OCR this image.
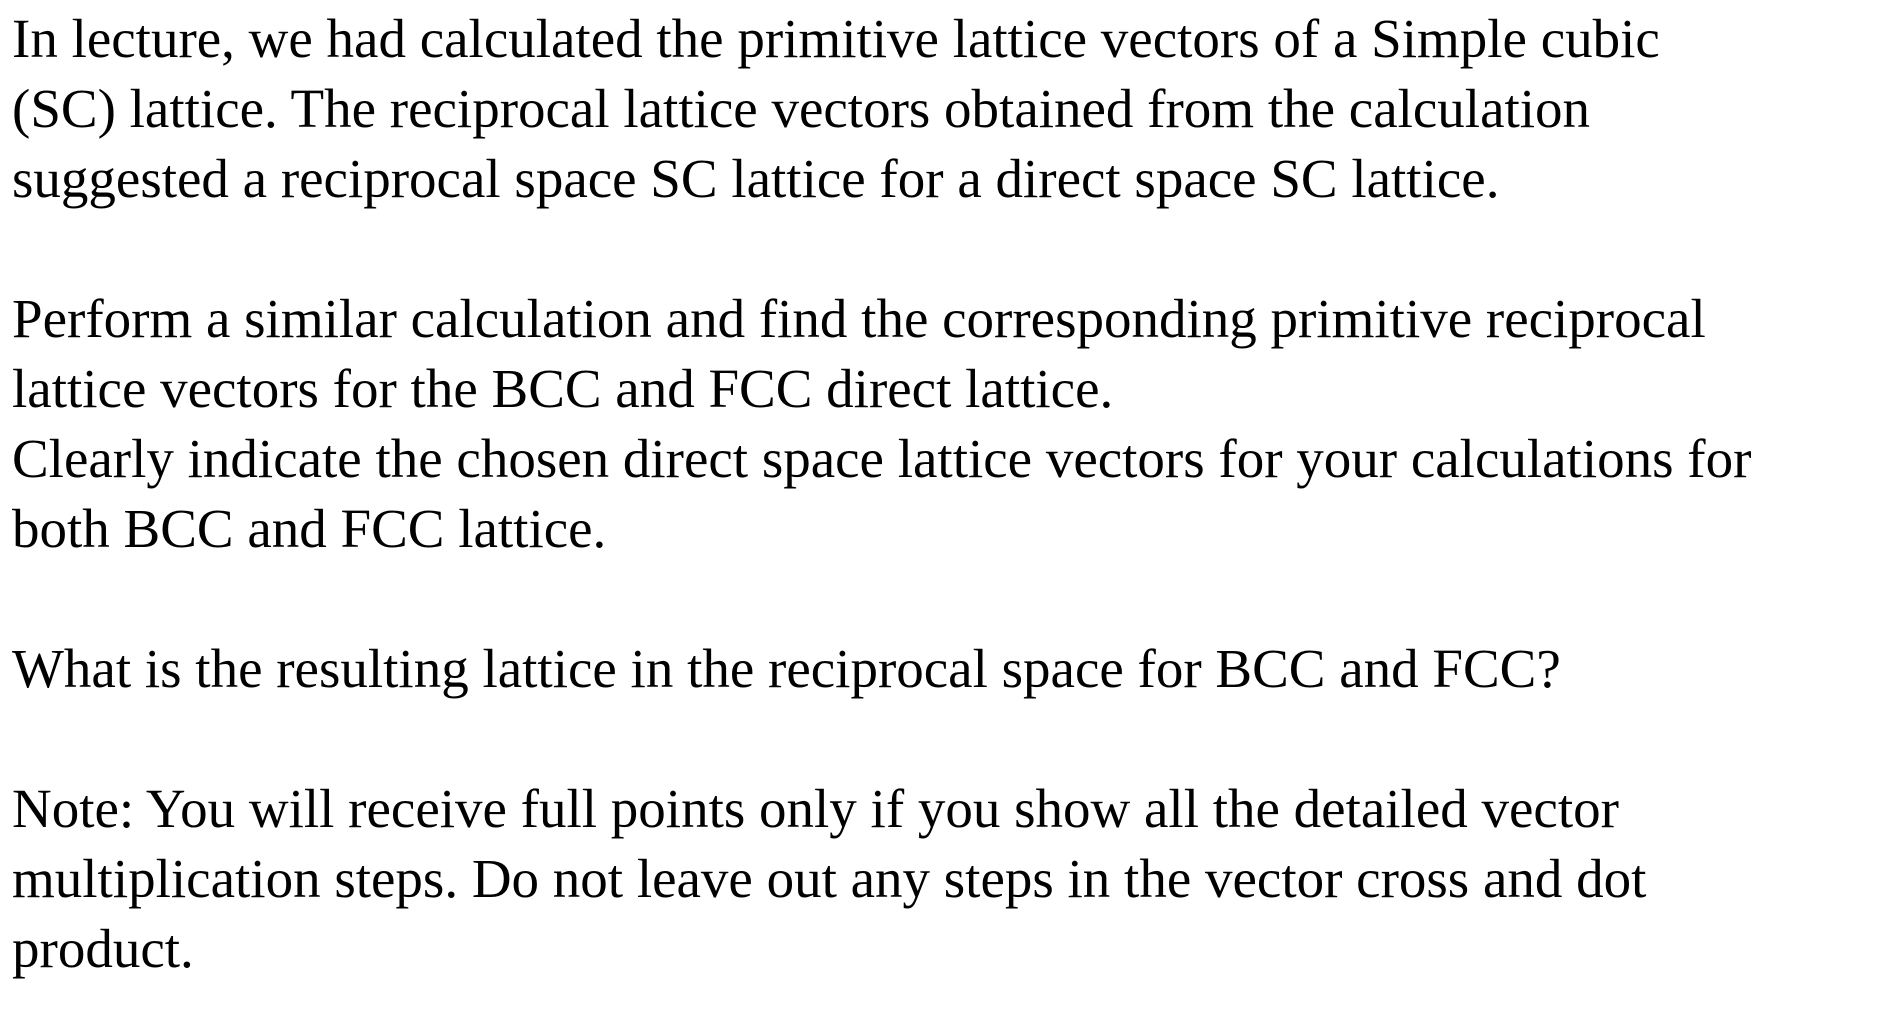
In lecture, we had calculated the primitive lattice vectors of a Simple cubic
(SC) lattice. The reciprocal lattice vectors obtained from the calculation
suggested a reciprocal space SC lattice for a direct space SC lattice.
Perform a similar calculation and find the corresponding primitive reciprocal
lattice vectors for the BCC and FCC direct lattice.
Clearly indicate the chosen direct space lattice vectors for your calculations for
both BCC and FCC lattice.
What is the resulting lattice in the reciprocal space for BCC and FCC?
Note: You will receive full points only if you show all the detailed vector
multiplication steps. Do not leave out any steps in the vector cross and dot
product.
